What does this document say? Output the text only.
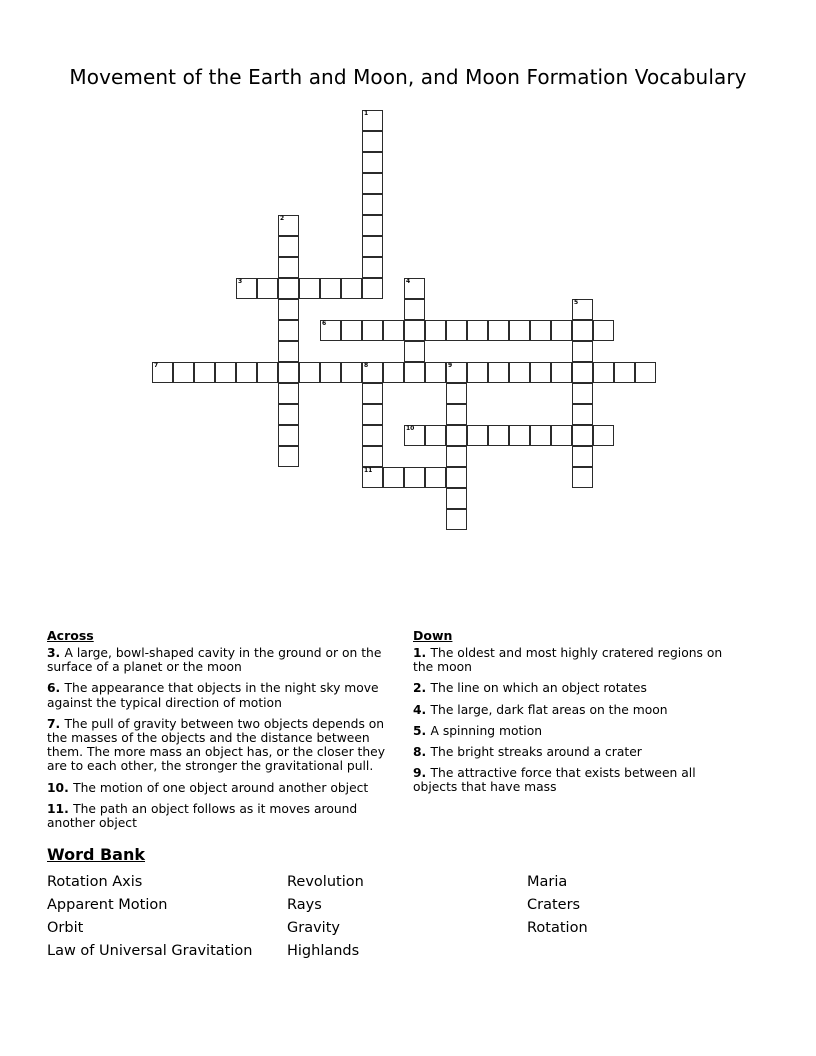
Movement of the Earth and Moon, and Moon Formation Vocabulary
1
2
3	4
5
6
7	8	9
10
11
Across

3. A large, bowl-shaped cavity in the ground or on the surface of a planet or the moon

6. The appearance that objects in the night sky move against the typical direction of motion

7. The pull of gravity between two objects depends on the masses of the objects and the distance between them. The more mass an object has, or the closer they are to each other, the stronger the gravitational pull.

10. The motion of one object around another object

11. The path an object follows as it moves around another object

Down

1. The oldest and most highly cratered regions on the moon

2. The line on which an object rotates

4. The large, dark flat areas on the moon

5. A spinning motion

8. The bright streaks around a crater

9. The attractive force that exists between all objects that have mass

Word Bank
Rotation Axis
Apparent Motion
Orbit
Law of Universal Gravitation
Revolution
Rays
Gravity
Highlands
Maria
Craters
Rotation
